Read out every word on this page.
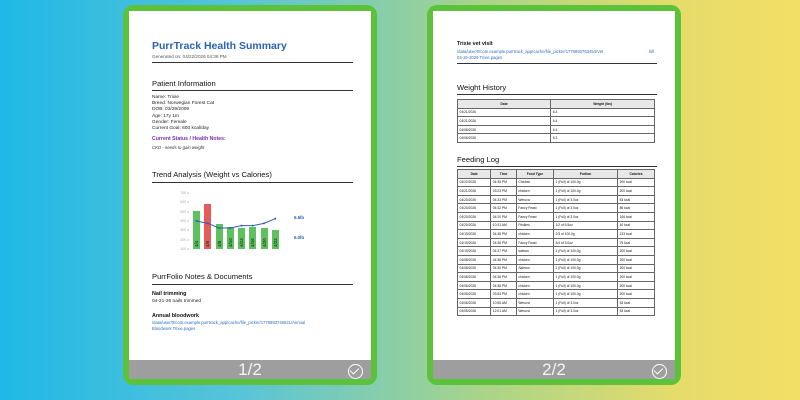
PurrTrack Health Summary
Generated on: 04/22/2026 04:36 PM
Patient Information
Name: Trixie
Breed: Norwegian Forest Cat
DOB: 03/29/2009
Age: 17y 1m
Gender: Female
Current Goal: 600 kcal/day
Current Status / Health Notes:
CKD - needs to gain weight
Trend Analysis (Weight vs Calories)
700 z
600 z
500 z
400 z
300 z
200 z
100 z
4/4 4/6 4/8 4/10 4/13 4/16 4/20 4/22
6.5lb
6.0lb
PurrFolio Notes & Documents
Nail trimming
04-21-26 nails trimmed
Annual bloodwork
/data/user/0/com.example.purrtrack_app/cache/file_picker/1776893746621/Annual
Bloodwork Trixie.pages
1/2
Trixie vet visit
/data/user/0/com.example.purrtrack_app/cache/file_picker/1776893763454/Vet
04-15-2026 Trixie.pages
bill
Weight History
Date	Weight (lbs)
04/21/2026	6.3
04/21/2026	6.4
04/08/2026	6.4
04/06/2026	6.3
Feeding Log
Date	Time	Food Type	Portion	Calories
04/22/2026	04:35 PM	Chicken	1 (Full) of 100.0g	200 kcal
04/21/2026	03:23 PM	chicken	1 (Full) of 100.0g	200 kcal
04/20/2026	04:33 PM	Weruva	1 (Full) of 3.0oz	53 kcal
04/20/2026	04:32 PM	Fancy Feast	1 (Full) of 3.0oz	86 kcal
04/20/2026	04:20 PM	Fancy Feast	1 (Full) of 3.0oz	106 kcal
04/20/2026	10:31 AM	Friskies	1/2 of 5.5oz	40 kcal
04/19/2026	04:36 PM	chicken	2/3 of 100.0g	133 kcal
04/19/2026	04:36 PM	Fancy Feast	3/4 of 3.0oz	75 kcal
04/19/2026	04:37 PM	salmon	1 (Full) of 100.0g	200 kcal
04/08/2026	04:36 PM	chicken	1 (Full) of 100.0g	200 kcal
04/08/2026	04:30 PM	Salmon	1 (Full) of 100.0g	200 kcal
04/08/2026	04:36 PM	chicken	1 (Full) of 100.0g	200 kcal
04/06/2026	04:36 PM	chicken	1 (Full) of 100.0g	200 kcal
04/05/2026	03:54 PM	chicken	1 (Full) of 100.0g	200 kcal
04/06/2026	10:55 AM	Weruva	1 (Full) of 3.0oz	53 kcal
04/05/2026	12:01 AM	Weruva	1 (Full) of 3.0oz	53 kcal
2/2
